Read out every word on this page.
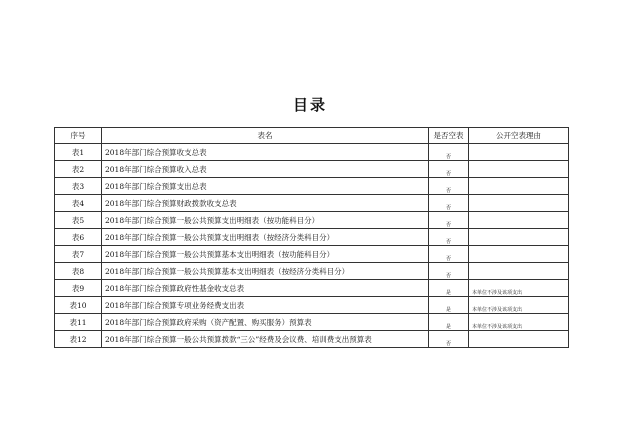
目录
序号	表名	是否空表	公开空表理由
表1	2018年部门综合预算收支总表	否	
表2	2018年部门综合预算收入总表	否	
表3	2018年部门综合预算支出总表	否	
表4	2018年部门综合预算财政拨款收支总表	否	
表5	2018年部门综合预算一般公共预算支出明细表（按功能科目分）	否	
表6	2018年部门综合预算一般公共预算支出明细表（按经济分类科目分）	否	
表7	2018年部门综合预算一般公共预算基本支出明细表（按功能科目分）	否	
表8	2018年部门综合预算一般公共预算基本支出明细表（按经济分类科目分）	否	
表9	2018年部门综合预算政府性基金收支总表	是	本单位不涉及该项支出
表10	2018年部门综合预算专项业务经费支出表	是	本单位不涉及该项支出
表11	2018年部门综合预算政府采购（资产配置、购买服务）预算表	是	本单位不涉及该项支出
表12	2018年部门综合预算一般公共预算拨款“三公”经费及会议费、培训费支出预算表	否	
